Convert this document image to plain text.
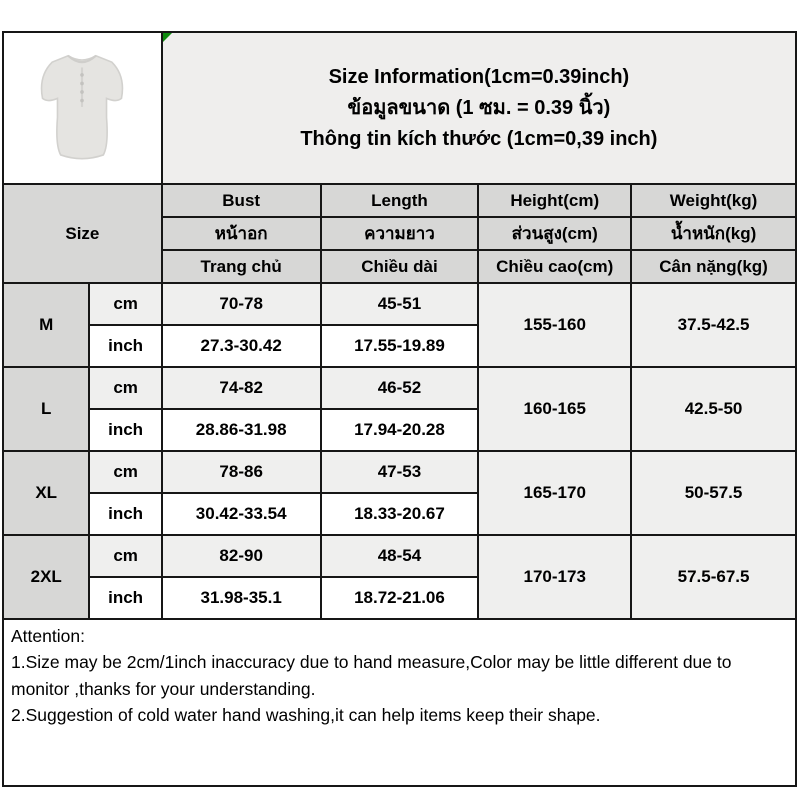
Size Information(1cm=0.39inch)
ข้อมูลขนาด (1 ซม. = 0.39 นิ้ว)
Thông tin kích thước (1cm=0,39 inch)			

Size		Bust	Length	Height(cm)	Weight(kg)
		หน้าอก	ความยาว	ส่วนสูง(cm)	น้ำหนัก(kg)
		Trang chủ	Chiều dài	Chiều cao(cm)	Cân nặng(kg)
M	cm	70-78	45-51	155-160	37.5-42.5
	inch	27.3-30.42	17.55-19.89		
L	cm	74-82	46-52	160-165	42.5-50
	inch	28.86-31.98	17.94-20.28		
XL	cm	78-86	47-53	165-170	50-57.5
	inch	30.42-33.54	18.33-20.67		
2XL	cm	82-90	48-54	170-173	57.5-67.5
	inch	31.98-35.1	18.72-21.06		
Attention:
1.Size may be 2cm/1inch inaccuracy due to hand measure,Color may be little different due to monitor ,thanks for your understanding.
2.Suggestion of cold water hand washing,it can help items keep their shape.
